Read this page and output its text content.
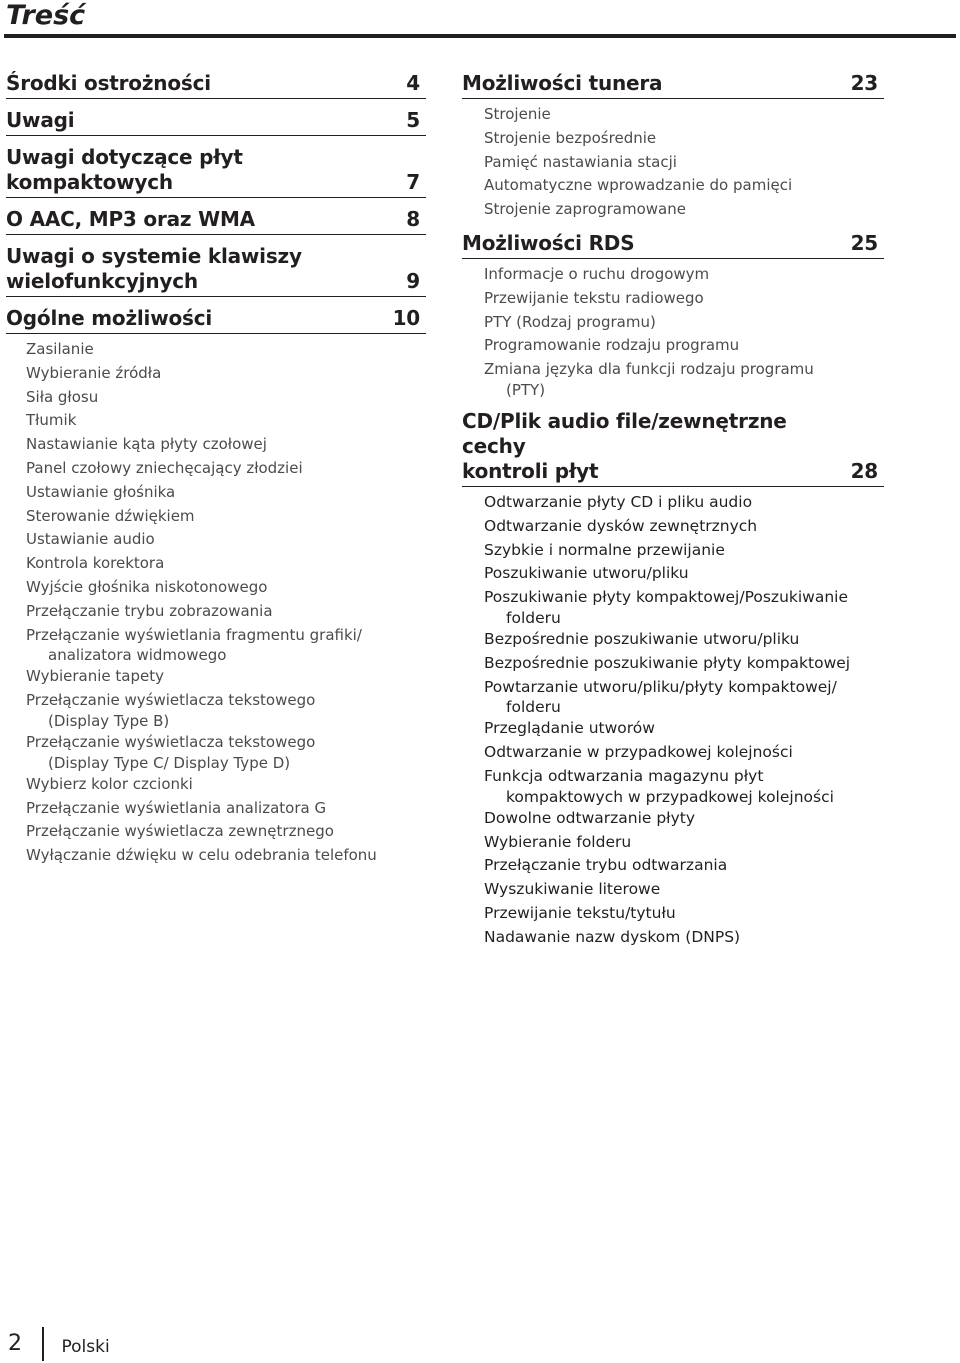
Treść
Środki ostrożności	4
Uwagi	5
Uwagi dotyczące płyt
kompaktowych	7
O AAC, MP3 oraz WMA	8
Uwagi o systemie klawiszy
wielofunkcyjnych	9
Ogólne możliwości	10
Zasilanie
Wybieranie źródła
Siła głosu
Tłumik
Nastawianie kąta płyty czołowej
Panel czołowy zniechęcający złodziei
Ustawianie głośnika
Sterowanie dźwiękiem
Ustawianie audio
Kontrola korektora
Wyjście głośnika niskotonowego
Przełączanie trybu zobrazowania
Przełączanie wyświetlania fragmentu grafiki/
analizatora widmowego
Wybieranie tapety
Przełączanie wyświetlacza tekstowego
(Display Type B)
Przełączanie wyświetlacza tekstowego
(Display Type C/ Display Type D)
Wybierz kolor czcionki
Przełączanie wyświetlania analizatora G
Przełączanie wyświetlacza zewnętrznego
Wyłączanie dźwięku w celu odebrania telefonu
Możliwości tunera	23
Strojenie
Strojenie bezpośrednie
Pamięć nastawiania stacji
Automatyczne wprowadzanie do pamięci
Strojenie zaprogramowane
Możliwości RDS	25
Informacje o ruchu drogowym
Przewijanie tekstu radiowego
PTY (Rodzaj programu)
Programowanie rodzaju programu
Zmiana języka dla funkcji rodzaju programu
(PTY)
CD/Plik audio file/zewnętrzne cechy
kontroli płyt	28
Odtwarzanie płyty CD i pliku audio
Odtwarzanie dysków zewnętrznych
Szybkie i normalne przewijanie
Poszukiwanie utworu/pliku
Poszukiwanie płyty kompaktowej/Poszukiwanie
folderu
Bezpośrednie poszukiwanie utworu/pliku
Bezpośrednie poszukiwanie płyty kompaktowej
Powtarzanie utworu/pliku/płyty kompaktowej/
folderu
Przeglądanie utworów
Odtwarzanie w przypadkowej kolejności
Funkcja odtwarzania magazynu płyt
kompaktowych w przypadkowej kolejności
Dowolne odtwarzanie płyty
Wybieranie folderu
Przełączanie trybu odtwarzania
Wyszukiwanie literowe
Przewijanie tekstu/tytułu
Nadawanie nazw dyskom (DNPS)
2 Polski
